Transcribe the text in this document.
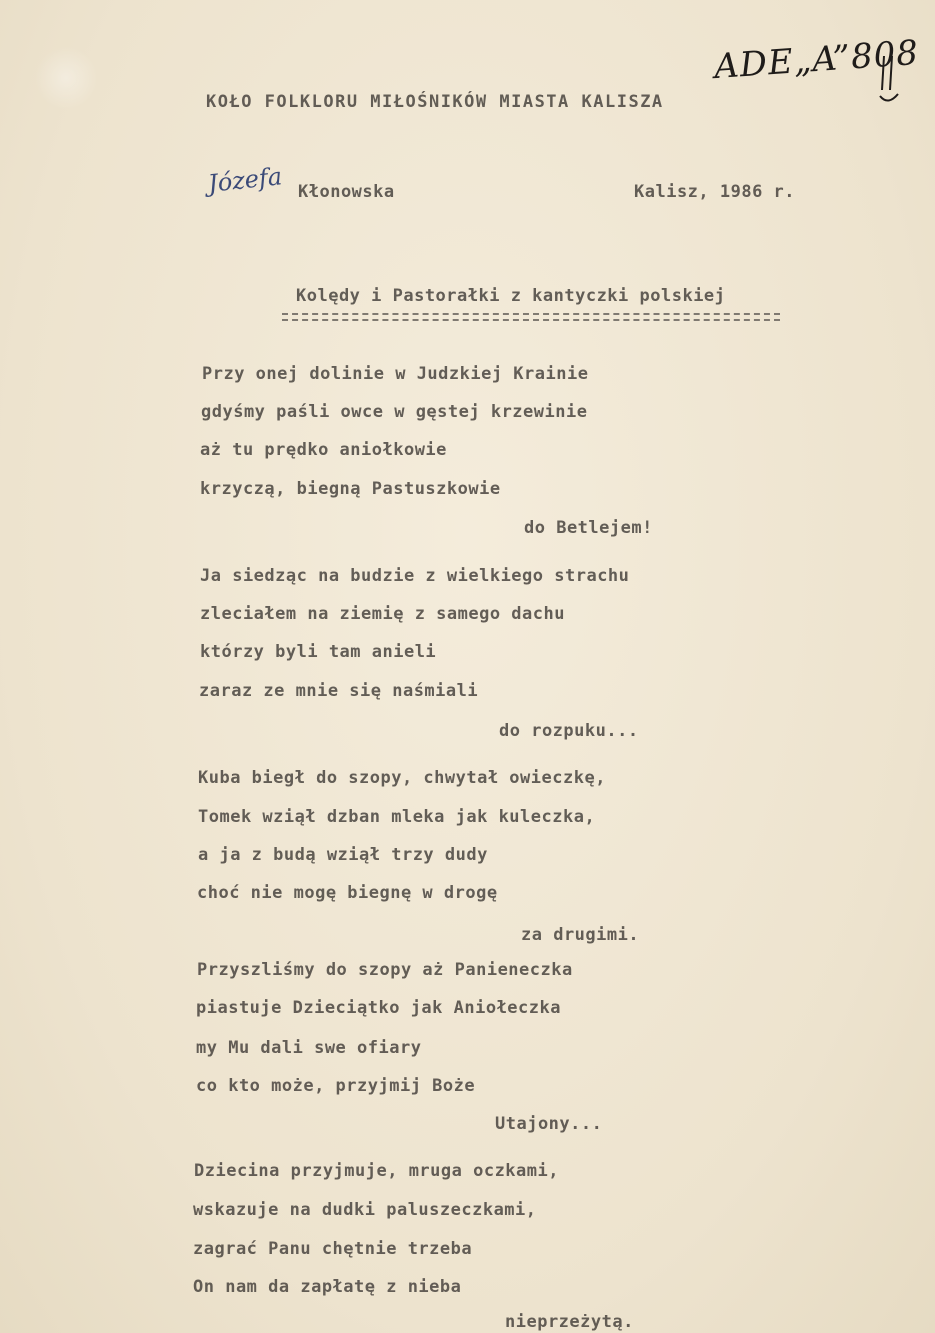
ADE„A”808
KOŁO FOLKLORU MIŁOŚNIKÓW MIASTA KALISZA
Józefa Kłonowska	Kalisz, 1986 r.
Kolędy i Pastorałki z kantyczki polskiej
Przy onej dolinie w Judzkiej Krainie
gdyśmy paśli owce w gęstej krzewinie
aż tu prędko aniołkowie
krzyczą, biegną Pastuszkowie
do Betlejem!
Ja siedząc na budzie z wielkiego strachu
zleciałem na ziemię z samego dachu
którzy byli tam anieli
zaraz ze mnie się naśmiali
do rozpuku...
Kuba biegł do szopy, chwytał owieczkę,
Tomek wziął dzban mleka jak kuleczka,
a ja z budą wziął trzy dudy
choć nie mogę biegnę w drogę
za drugimi.
Przyszliśmy do szopy aż Panieneczka
piastuje Dzieciątko jak Aniołeczka
my Mu dali swe ofiary
co kto może, przyjmij Boże
Utajony...
Dziecina przyjmuje, mruga oczkami,
wskazuje na dudki paluszeczkami,
zagrać Panu chętnie trzeba
On nam da zapłatę z nieba
nieprzeżytą.
